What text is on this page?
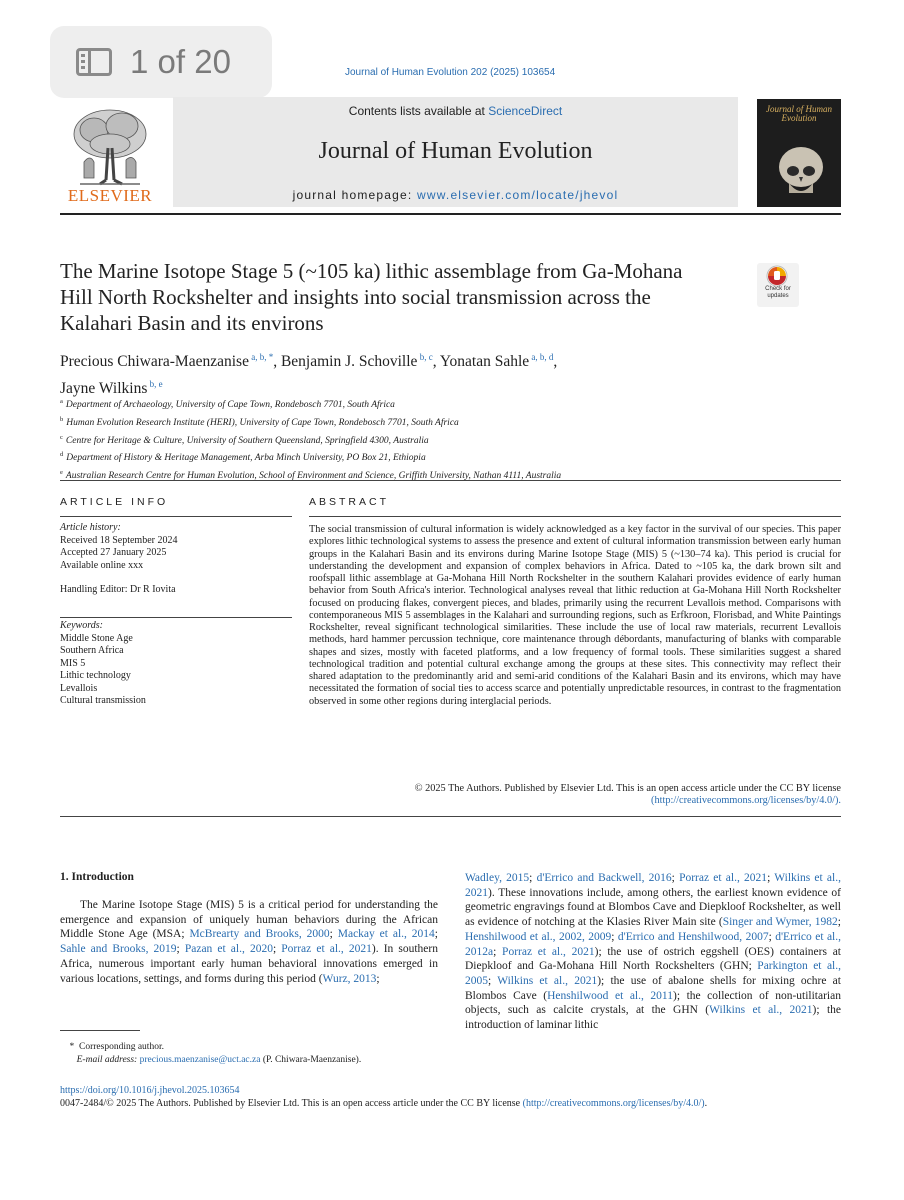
1 of 20	Journal of Human Evolution 202 (2025) 103654
ELSEVIER
Contents lists available at ScienceDirect
Journal of Human Evolution
journal homepage: www.elsevier.com/locate/jhevol
Journal of Human Evolution
The Marine Isotope Stage 5 (~105 ka) lithic assemblage from Ga-Mohana Hill North Rockshelter and insights into social transmission across the Kalahari Basin and its environs
Check for updates
Precious Chiwara-Maenzanise $^{a, b, *}$, Benjamin J. Schoville $^{b, c}$, Yonatan Sahle $^{a, b, d}$,
Jayne Wilkins $^{b, e}$
$^a$ Department of Archaeology, University of Cape Town, Rondebosch 7701, South Africa
$^b$ Human Evolution Research Institute (HERI), University of Cape Town, Rondebosch 7701, South Africa
$^c$ Centre for Heritage & Culture, University of Southern Queensland, Springfield 4300, Australia
$^d$ Department of History & Heritage Management, Arba Minch University, PO Box 21, Ethiopia
$^e$ Australian Research Centre for Human Evolution, School of Environment and Science, Griffith University, Nathan 4111, Australia
ARTICLE INFO	ABSTRACT
Article history:
Received 18 September 2024
Accepted 27 January 2025
Available online xxx
Handling Editor: Dr R Iovita
Keywords:
Middle Stone Age
Southern Africa
MIS 5
Lithic technology
Levallois
Cultural transmission
The social transmission of cultural information is widely acknowledged as a key factor in the survival of our species. This paper explores lithic technological systems to assess the presence and extent of cultural information transmission between early human groups in the Kalahari Basin and its environs during Marine Isotope Stage (MIS) 5 (~130–74 ka). This period is crucial for understanding the development and expansion of complex behaviors in Africa. Dated to ~105 ka, the dark brown silt and roofspall lithic assemblage at Ga-Mohana Hill North Rockshelter in the southern Kalahari provides evidence of early human behavior from South Africa's interior. Technological analyses reveal that lithic reduction at Ga-Mohana Hill North Rockshelter focused on producing flakes, convergent pieces, and blades, primarily using the recurrent Levallois method. Comparisons with contemporaneous MIS 5 assemblages in the Kalahari and surrounding regions, such as Erfkroon, Florisbad, and White Paintings Rockshelter, reveal significant technological similarities. These include the use of local raw materials, recurrent Levallois methods, hard hammer percussion technique, core maintenance through débordants, manufacturing of blanks with comparable shapes and sizes, mostly with faceted platforms, and a low frequency of formal tools. These similarities suggest a shared technological tradition and potential cultural exchange among the groups at these sites. This connectivity may reflect their shared adaptation to the predominantly arid and semi-arid conditions of the Kalahari Basin and its environs, which may have necessitated the formation of social ties to access scarce and potentially unpredictable resources, in contrast to the fragmentation observed in some other regions during interglacial periods.
© 2025 The Authors. Published by Elsevier Ltd. This is an open access article under the CC BY license
(http://creativecommons.org/licenses/by/4.0/).
1. Introduction
The Marine Isotope Stage (MIS) 5 is a critical period for understanding the emergence and expansion of uniquely human behaviors during the African Middle Stone Age (MSA; McBrearty and Brooks, 2000; Mackay et al., 2014; Sahle and Brooks, 2019; Pazan et al., 2020; Porraz et al., 2021). In southern Africa, numerous important early human behavioral innovations emerged in various locations, settings, and forms during this period (Wurz, 2013;
Wadley, 2015; d'Errico and Backwell, 2016; Porraz et al., 2021; Wilkins et al., 2021). These innovations include, among others, the earliest known evidence of geometric engravings found at Blombos Cave and Diepkloof Rockshelter, as well as evidence of notching at the Klasies River Main site (Singer and Wymer, 1982; Henshilwood et al., 2002, 2009; d'Errico and Henshilwood, 2007; d'Errico et al., 2012a; Porraz et al., 2021); the use of ostrich eggshell (OES) containers at Diepkloof and Ga-Mohana Hill North Rockshelters (GHN; Parkington et al., 2005; Wilkins et al., 2021); the use of abalone shells for mixing ochre at Blombos Cave (Henshilwood et al., 2011); the collection of non-utilitarian objects, such as calcite crystals, at the GHN (Wilkins et al., 2021); the introduction of laminar lithic
* Corresponding author.
E-mail address: precious.maenzanise@uct.ac.za (P. Chiwara-Maenzanise).
https://doi.org/10.1016/j.jhevol.2025.103654
0047-2484/© 2025 The Authors. Published by Elsevier Ltd. This is an open access article under the CC BY license (http://creativecommons.org/licenses/by/4.0/).
